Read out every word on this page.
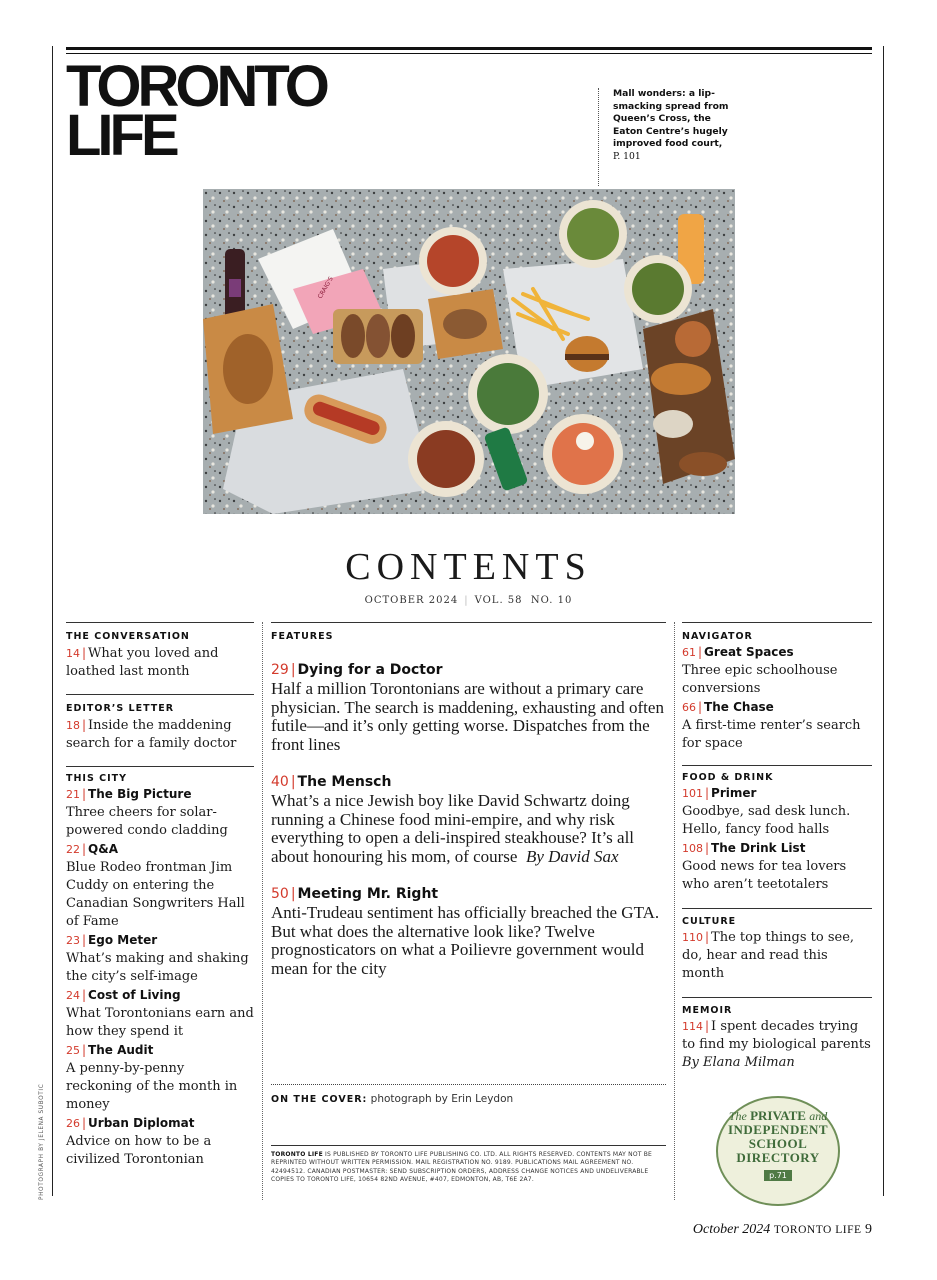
TORONTO
LIFE
Mall wonders: a lip-smacking spread from Queen’s Cross, the Eaton Centre’s hugely improved food court,
P. 101
CRAIG'S
CONTENTS
OCTOBER 2024 | VOL. 58 NO. 10
THE CONVERSATION
14 | What you loved and loathed last month
EDITOR’S LETTER
18 | Inside the maddening search for a family doctor
THIS CITY
21 | The Big Picture
Three cheers for solar-powered condo cladding
22 | Q&A
Blue Rodeo frontman Jim Cuddy on entering the Canadian Songwriters Hall of Fame
23 | Ego Meter
What’s making and shaking the city’s self-image
24 | Cost of Living
What Torontonians earn and how they spend it
25 | The Audit
A penny-by-penny reckoning of the month in money
26 | Urban Diplomat
Advice on how to be a civilized Torontonian
FEATURES
29 | Dying for a Doctor
Half a million Torontonians are without a primary care physician. The search is maddening, exhausting and often futile—and it’s only getting worse. Dispatches from the front lines
40 | The Mensch
What’s a nice Jewish boy like David Schwartz doing running a Chinese food mini-empire, and why risk everything to open a deli-inspired steakhouse? It’s all about honouring his mom, of course By David Sax
50 | Meeting Mr. Right
Anti-Trudeau sentiment has officially breached the GTA. But what does the alternative look like? Twelve prognosticators on what a Poilievre government would mean for the city
ON THE COVER: photograph by Erin Leydon
TORONTO LIFE IS PUBLISHED BY TORONTO LIFE PUBLISHING CO. LTD. ALL RIGHTS RESERVED. CONTENTS MAY NOT BE REPRINTED WITHOUT WRITTEN PERMISSION. MAIL REGISTRATION NO. 9189. PUBLICATIONS MAIL AGREEMENT NO. 42494512. CANADIAN POSTMASTER: SEND SUBSCRIPTION ORDERS, ADDRESS CHANGE NOTICES AND UNDELIVERABLE COPIES TO TORONTO LIFE, 10654 82ND AVENUE, #407, EDMONTON, AB, T6E 2A7.
NAVIGATOR
61 | Great Spaces
Three epic schoolhouse conversions
66 | The Chase
A first-time renter’s search for space
FOOD & DRINK
101 | Primer
Goodbye, sad desk lunch. Hello, fancy food halls
108 | The Drink List
Good news for tea lovers who aren’t teetotalers
CULTURE
110 | The top things to see, do, hear and read this month
MEMOIR
114 | I spent decades trying to find my biological parents
By Elana Milman
The PRIVATE and
INDEPENDENT
SCHOOL
DIRECTORY
p.71
PHOTOGRAPH BY JELENA SUBOTIC
October 2024 TORONTO LIFE 9
